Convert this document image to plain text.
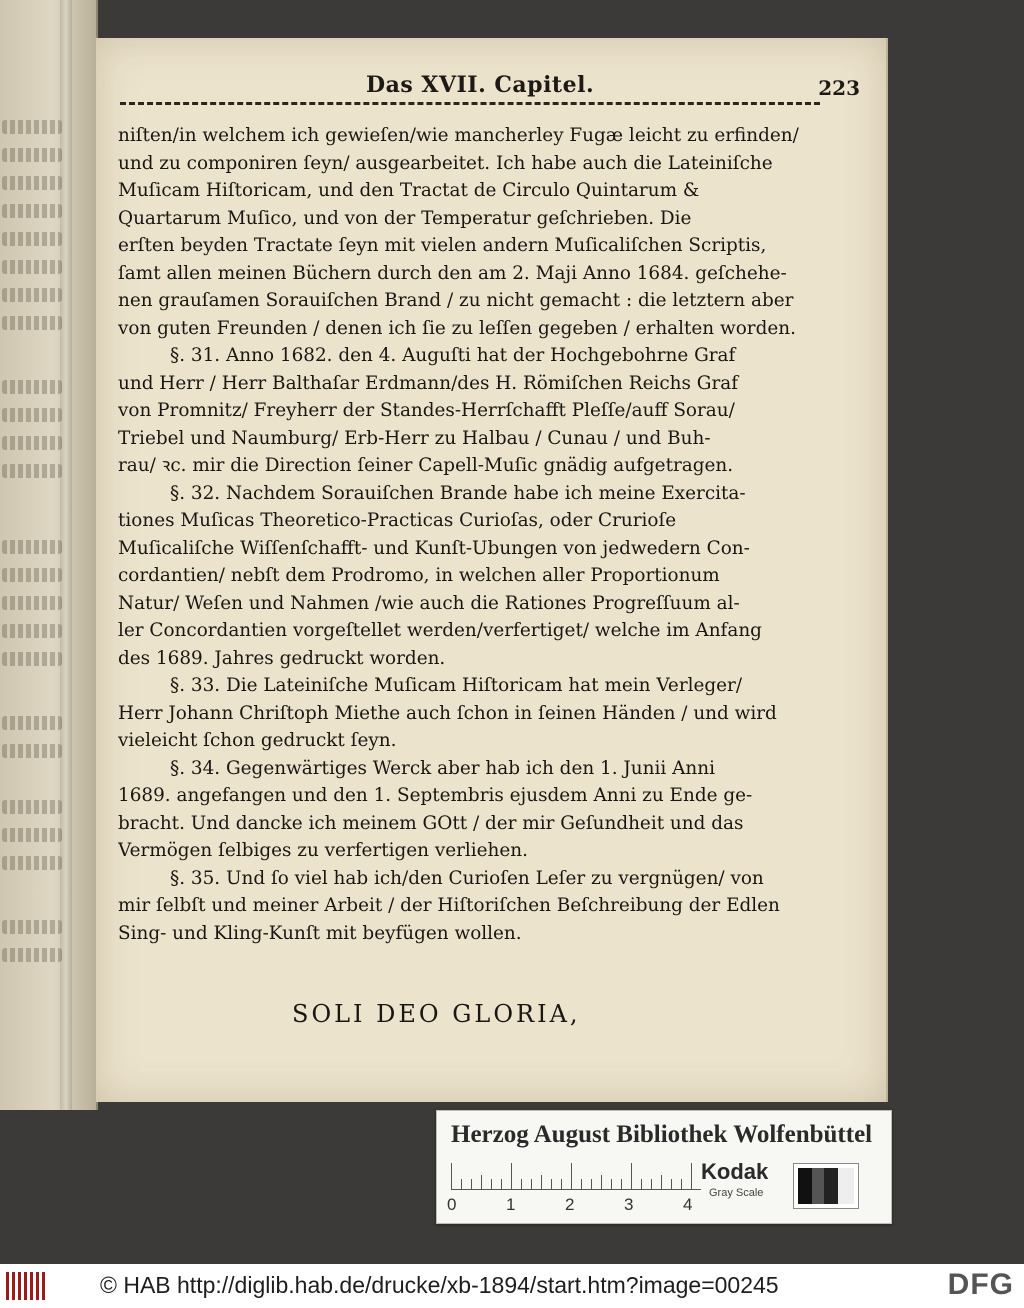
Das XVII. Capitel.	223
niſten/in welchem ich gewieſen/wie mancherley Fugæ leicht zu erfinden/
und zu componiren ſeyn/ ausgearbeitet. Ich habe auch die Lateiniſche
Muſicam Hiſtoricam, und den Tractat de Circulo Quintarum &
Quartarum Muſico, und von der Temperatur geſchrieben. Die
erſten beyden Tractate ſeyn mit vielen andern Muſicaliſchen Scriptis,
ſamt allen meinen Büchern durch den am 2. Maji Anno 1684. geſchehe-
nen grauſamen Sorauiſchen Brand / zu nicht gemacht : die letztern aber
von guten Freunden / denen ich ſie zu leſſen gegeben / erhalten worden.
§. 31. Anno 1682. den 4. Auguſti hat der Hochgebohrne Graf
und Herr / Herr Balthaſar Erdmann/des H. Römiſchen Reichs Graf
von Promnitz/ Freyherr der Standes-Herrſchafft Pleſſe/auff Sorau/
Triebel und Naumburg/ Erb-Herr zu Halbau / Cunau / und Buh-
rau/ ꝛc. mir die Direction ſeiner Capell-Muſic gnädig aufgetragen.
§. 32. Nachdem Sorauiſchen Brande habe ich meine Exercita-
tiones Muſicas Theoretico-Practicas Curioſas, oder Crurioſe
Muſicaliſche Wiſſenſchafft- und Kunſt-Ubungen von jedwedern Con-
cordantien/ nebſt dem Prodromo, in welchen aller Proportionum
Natur/ Weſen und Nahmen /wie auch die Rationes Progreſſuum al-
ler Concordantien vorgeſtellet werden/verfertiget/ welche im Anfang
des 1689. Jahres gedruckt worden.
§. 33. Die Lateiniſche Muſicam Hiſtoricam hat mein Verleger/
Herr Johann Chriſtoph Miethe auch ſchon in ſeinen Händen / und wird
vieleicht ſchon gedruckt ſeyn.
§. 34. Gegenwärtiges Werck aber hab ich den 1. Junii Anni
1689. angefangen und den 1. Septembris ejusdem Anni zu Ende ge-
bracht. Und dancke ich meinem GOtt / der mir Geſundheit und das
Vermögen ſelbiges zu verfertigen verliehen.
§. 35. Und ſo viel hab ich/den Curioſen Leſer zu vergnügen/ von
mir ſelbſt und meiner Arbeit / der Hiſtoriſchen Beſchreibung der Edlen
Sing- und Kling-Kunſt mit beyfügen wollen.
SOLI DEO GLORIA,
Herzog August Bibliothek Wolfenbüttel
0	1	2	3	4
Kodak
Gray Scale
© HAB http://diglib.hab.de/drucke/xb-1894/start.htm?image=00245	DFG
